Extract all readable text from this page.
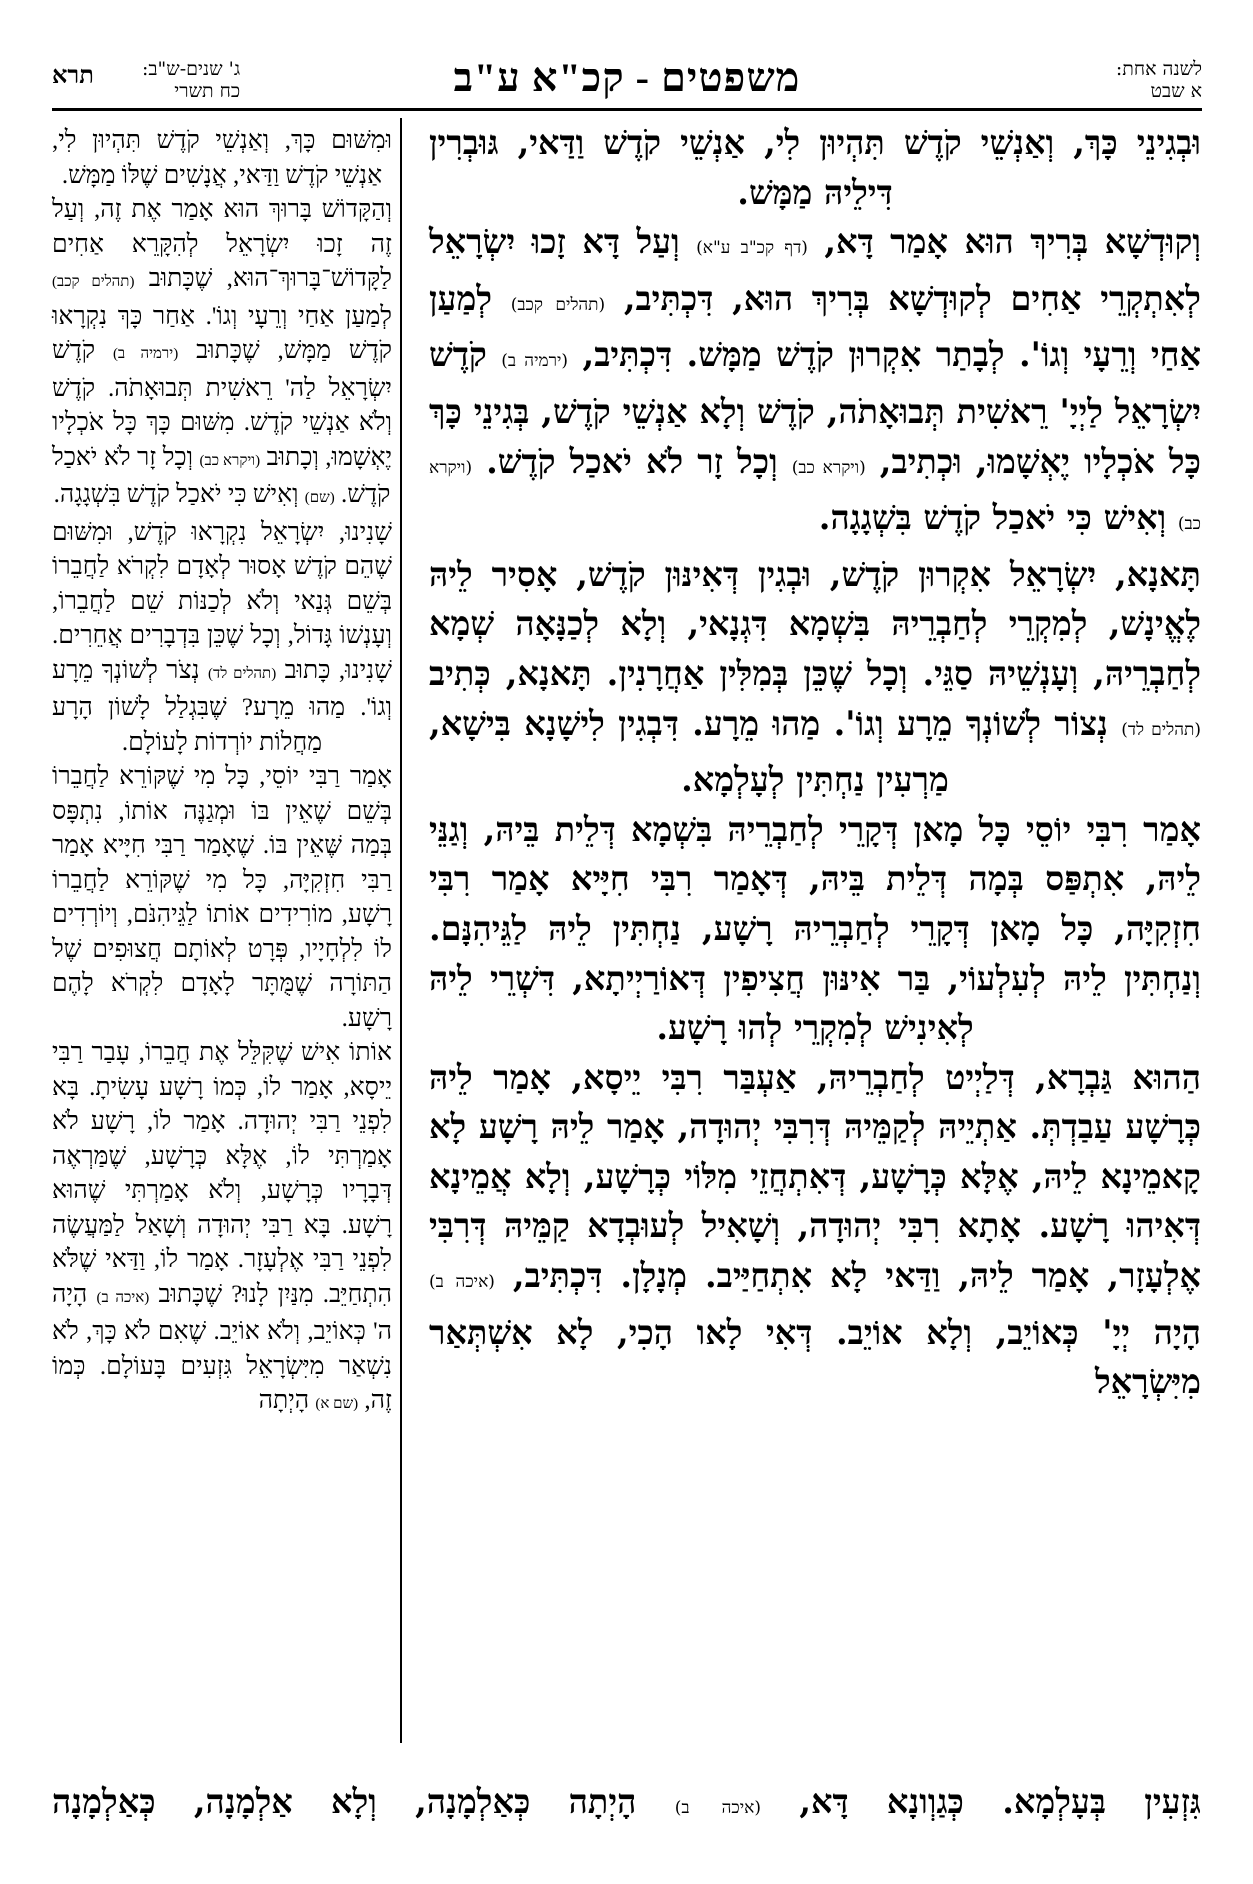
לשנה אחת:
א שבט
משפטים - קכ"א ע"ב
ג' שנים-ש"ב:
כח תשרי
תרא

וּבְגִינֵי כָּךְ, וְאַנְשֵׁי קֹדֶשׁ תִּהְיוּן לִי, אַנְשֵׁי קֹדֶשׁ וַדַּאי, גּוּבְרִין דִּילֵיהּ מַמָּשׁ.

וְקוּדְשָׁא בְּרִיךְ הוּא אָמַר דָּא, (דף קכ"ב ע"א) וְעַל דָּא זָכוּ יִשְׂרָאֵל לְאִתְקְרֵי אַחִים לְקוּדְשָׁא בְּרִיךְ הוּא, דִּכְתִּיב, (תהלים קכב) לְמַעַן אַחַי וְרֵעָי וְגוֹ'. לְבָתַר אִקְרוּן קֹדֶשׁ מַמָּשׁ. דִּכְתִּיב, (ירמיה ב) קֹדֶשׁ יִשְׂרָאֵל לַיְיָ' רֵאשִׁית תְּבוּאָתֹה, קֹדֶשׁ וְלָא אַנְשֵׁי קֹדֶשׁ, בְּגִינֵי כָּךְ כָּל אֹכְלָיו יֶאְשָׁמוּ, וּכְתִיב, (ויקרא כב) וְכָל זָר לֹא יֹאכַל קֹדֶשׁ. (ויקרא כב) וְאִישׁ כִּי יֹאכַל קֹדֶשׁ בִּשְׁגָגָה.

תָּאנָא, יִשְׂרָאֵל אִקְרוּן קֹדֶשׁ, וּבְגִין דְּאִינּוּן קֹדֶשׁ, אָסִיר לֵיהּ לֶאֱינָשׁ, לְמִקְרֵי לְחַבְרֵיהּ בִּשְׁמָא דִּגְנָאי, וְלָא לְכַנָּאָה שְׁמָא לְחַבְרֵיהּ, וְעָנְשֵׁיהּ סַגֵּי. וְכָל שֶׁכֵּן בְּמִלִּין אַחֲרָנִין. תָּאנָא, כְּתִיב (תהלים לד) נְצוֹר לְשׁוֹנְךָ מֵרָע וְגוֹ'. מַהוּ מֵרָע. דִּבְגִין לִישָׁנָא בִּישָׁא, מַרְעִין נַחְתִּין לְעָלְמָא.

אָמַר רִבִּי יוֹסֵי כָּל מָאן דְּקָרֵי לְחַבְרֵיהּ בִּשְׁמָא דְּלֵית בֵּיהּ, וְגַנֵּי לֵיהּ, אִתְפַּס בְּמָה דְּלֵית בֵּיהּ, דְּאָמַר רִבִּי חִיָּיא אָמַר רִבִּי חִזְקִיָּה, כָּל מָאן דְּקָרֵי לְחַבְרֵיהּ רָשָׁע, נַחְתִּין לֵיהּ לַגֵּיהִנָּם. וְנַחְתִּין לֵיהּ לְעִלְעוֹי, בַּר אִינּוּן חֲצִיפִין דְּאוֹרַיְיתָא, דִּשְׁרֵי לֵיהּ לְאִינִישׁ לְמִקְרֵי לְהוּ רָשָׁע.

הַהוּא גַּבְרָא, דְּלַיְיט לְחַבְרֵיהּ, אַעְבַּר רִבִּי יֵיסָא, אָמַר לֵיהּ כְּרָשָׁע עַבַדְתְּ. אַתְיֵיהּ לְקַמֵּיהּ דְּרִבִּי יְהוּדָה, אָמַר לֵיהּ רָשָׁע לָא קָאמֵינָא לֵיהּ, אֶלָּא כְּרָשָׁע, דְּאִתְחֲזֵי מִלּוֹי כְּרָשָׁע, וְלָא אֲמֵינָא דְּאִיהוּ רָשָׁע. אָתָא רִבִּי יְהוּדָה, וְשָׁאִיל לְעוּבְדָא קַמֵּיהּ דְּרִבִּי אֶלְעָזָר, אָמַר לֵיהּ, וַדַּאי לָא אִתְחַיַּיב. מְנָלָן. דִּכְתִּיב, (איכה ב) הָיָה יְיָ' כְּאוֹיֵב, וְלָא אוֹיֵב. דְּאִי לָאו הָכִי, לָא אִשְׁתְּאַר מִיִּשְׂרָאֵל

וּמִשּׁוּם כָּךְ, וְאַנְשֵׁי קֹדֶשׁ תִּהְיוּן לִי, אַנְשֵׁי קֹדֶשׁ וַדַּאי, אֲנָשִׁים שֶׁלּוֹ מַמָּשׁ.

וְהַקָּדוֹשׁ בָּרוּךְ הוּא אָמַר אֶת זֶה, וְעַל זֶה זָכוּ יִשְׂרָאֵל לְהִקָּרֵא אַחִים לַקָּדוֹשׁ־בָּרוּךְ־הוּא, שֶׁכָּתוּב (תהלים קכב) לְמַעַן אַחַי וְרֵעָי וְגוֹ'. אַחַר כָּךְ נִקְרָאוּ קֹדֶשׁ מַמָּשׁ, שֶׁכָּתוּב (ירמיה ב) קֹדֶשׁ יִשְׂרָאֵל לַה' רֵאשִׁית תְּבוּאָתֹה. קֹדֶשׁ וְלֹא אַנְשֵׁי קֹדֶשׁ. מִשּׁוּם כָּךְ כָּל אֹכְלָיו יֶאְשָׁמוּ, וְכָתוּב (ויקרא כב) וְכָל זָר לֹא יֹאכַל קֹדֶשׁ. (שם) וְאִישׁ כִּי יֹאכַל קֹדֶשׁ בִּשְׁגָגָה.

שָׁנִינוּ, יִשְׂרָאֵל נִקְרָאוּ קֹדֶשׁ, וּמִשּׁוּם שֶׁהֵם קֹדֶשׁ אָסוּר לְאָדָם לִקְרֹא לַחֲבֵרוֹ בְּשֵׁם גְּנַאי וְלֹא לְכַנּוֹת שֵׁם לַחֲבֵרוֹ, וְעָנְשׁוֹ גָּדוֹל, וְכָל שֶׁכֵּן בִּדְבָרִים אֲחֵרִים. שָׁנִינוּ, כָּתוּב (תהלים לד) נְצֹר לְשׁוֹנְךָ מֵרָע וְגוֹ'. מַהוּ מֵרָע? שֶׁבִּגְלַל לָשׁוֹן הָרָע מַחֲלוֹת יוֹרְדוֹת לָעוֹלָם.

אָמַר רַבִּי יוֹסֵי, כָּל מִי שֶׁקּוֹרֵא לַחֲבֵרוֹ בְּשֵׁם שֶׁאֵין בּוֹ וּמְגַנֶּה אוֹתוֹ, נִתְפָּס בְּמַה שֶּׁאֵין בּוֹ. שֶׁאָמַר רַבִּי חִיָּיא אָמַר רַבִּי חִזְקִיָּה, כָּל מִי שֶׁקּוֹרֵא לַחֲבֵרוֹ רָשָׁע, מוֹרִידִים אוֹתוֹ לַגֵּיהִנֹּם, וְיוֹרְדִים לוֹ לִלְחָיָיו, פְּרָט לְאוֹתָם חֲצוּפִים שֶׁל הַתּוֹרָה שֶׁמֻּתָּר לָאָדָם לִקְרֹא לָהֶם רָשָׁע.

אוֹתוֹ אִישׁ שֶׁקִּלֵּל אֶת חֲבֵרוֹ, עָבַר רַבִּי יֵיסָא, אָמַר לוֹ, כְּמוֹ רָשָׁע עָשִׂיתָ. בָּא לִפְנֵי רַבִּי יְהוּדָה. אָמַר לוֹ, רָשָׁע לֹא אָמַרְתִּי לוֹ, אֶלָּא כְּרָשָׁע, שֶׁמַּרְאֶה דְּבָרָיו כְּרָשָׁע, וְלֹא אָמַרְתִּי שֶׁהוּא רָשָׁע. בָּא רַבִּי יְהוּדָה וְשָׁאַל לַמַּעֲשֶׂה לִפְנֵי רַבִּי אֶלְעָזָר. אָמַר לוֹ, וַדַּאי שֶׁלֹּא הִתְחַיֵּב. מִנַּיִן לָנוּ? שֶׁכָּתוּב (איכה ב) הָיָה ה' כְּאוֹיֵב, וְלֹא אוֹיֵב. שֶׁאִם לֹא כָּךְ, לֹא נִשְׁאַר מִיִּשְׂרָאֵל גִּזְעִים בָּעוֹלָם. כְּמוֹ זֶה, (שם א) הָיְתָה

גִּזְעִין בְּעָלְמָא. כְּגַוְונָא דָּא, (איכה ב) הָיְתָה כְּאַלְמָנָה, וְלָא אַלְמָנָה, כְּאַלְמָנָה
